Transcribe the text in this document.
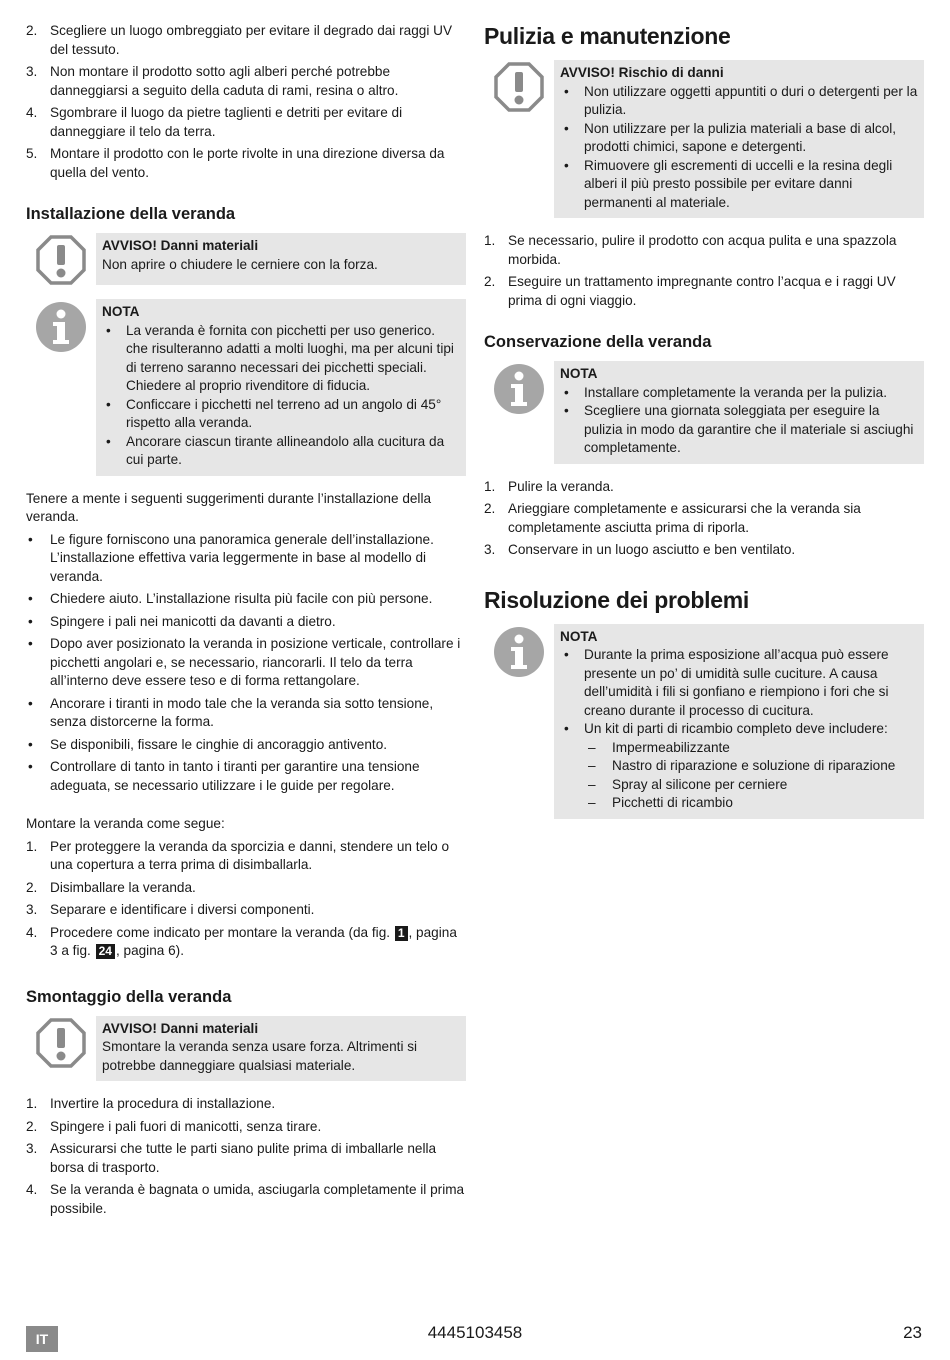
2. Scegliere un luogo ombreggiato per evitare il degrado dai raggi UV del tessuto.
3. Non montare il prodotto sotto agli alberi perché potrebbe danneggiarsi a seguito della caduta di rami, resina o altro.
4. Sgombrare il luogo da pietre taglienti e detriti per evitare di danneggiare il telo da terra.
5. Montare il prodotto con le porte rivolte in una direzione diversa da quella del vento.
Installazione della veranda
AVVISO! Danni materiali
Non aprire o chiudere le cerniere con la forza.
NOTA
• La veranda è fornita con picchetti per uso generico. che risulteranno adatti a molti luoghi, ma per alcuni tipi di terreno saranno necessari dei picchetti speciali. Chiedere al proprio rivenditore di fiducia.
• Conficcare i picchetti nel terreno ad un angolo di 45° rispetto alla veranda.
• Ancorare ciascun tirante allineandolo alla cucitura da cui parte.

Tenere a mente i seguenti suggerimenti durante l’installazione della veranda.

• Le figure forniscono una panoramica generale dell’installazione. L’installazione effettiva varia leggermente in base al modello di veranda.
• Chiedere aiuto. L’installazione risulta più facile con più persone.
• Spingere i pali nei manicotti da davanti a dietro.
• Dopo aver posizionato la veranda in posizione verticale, controllare i picchetti angolari e, se necessario, riancorarli. Il telo da terra all’interno deve essere teso e di forma rettangolare.
• Ancorare i tiranti in modo tale che la veranda sia sotto tensione, senza distorcerne la forma.
• Se disponibili, fissare le cinghie di ancoraggio antivento.
• Controllare di tanto in tanto i tiranti per garantire una tensione adeguata, se necessario utilizzare i le guide per regolare.

Montare la veranda come segue:

1. Per proteggere la veranda da sporcizia e danni, stendere un telo o una copertura a terra prima di disimballarla.
2. Disimballare la veranda.
3. Separare e identificare i diversi componenti.
4. Procedere come indicato per montare la veranda (da fig. 1 , pagina 3 a fig. 24 , pagina 6).
Smontaggio della veranda
AVVISO! Danni materiali
Smontare la veranda senza usare forza. Altrimenti si potrebbe danneggiare qualsiasi materiale.
1. Invertire la procedura di installazione.
2. Spingere i pali fuori di manicotti, senza tirare.
3. Assicurarsi che tutte le parti siano pulite prima di imballarle nella borsa di trasporto.
4. Se la veranda è bagnata o umida, asciugarla completamente il prima possibile.
Pulizia e manutenzione
AVVISO! Rischio di danni
• Non utilizzare oggetti appuntiti o duri o detergenti per la pulizia.
• Non utilizzare per la pulizia materiali a base di alcol, prodotti chimici, sapone e detergenti.
• Rimuovere gli escrementi di uccelli e la resina degli alberi il più presto possibile per evitare danni permanenti al materiale.
1. Se necessario, pulire il prodotto con acqua pulita e una spazzola morbida.
2. Eseguire un trattamento impregnante contro l’acqua e i raggi UV prima di ogni viaggio.
Conservazione della veranda
NOTA
• Installare completamente la veranda per la pulizia.
• Scegliere una giornata soleggiata per eseguire la pulizia in modo da garantire che il materiale si asciughi completamente.
1. Pulire la veranda.
2. Arieggiare completamente e assicurarsi che la veranda sia completamente asciutta prima di riporla.
3. Conservare in un luogo asciutto e ben ventilato.
Risoluzione dei problemi
NOTA
• Durante la prima esposizione all’acqua può essere presente un po’ di umidità sulle cuciture. A causa dell’umidità i fili si gonfiano e riempiono i fori che si creano durante il processo di cucitura.
• Un kit di parti di ricambio completo deve includere:
– Impermeabilizzante
– Nastro di riparazione e soluzione di riparazione
– Spray al silicone per cerniere
– Picchetti di ricambio
IT	4445103458	23
